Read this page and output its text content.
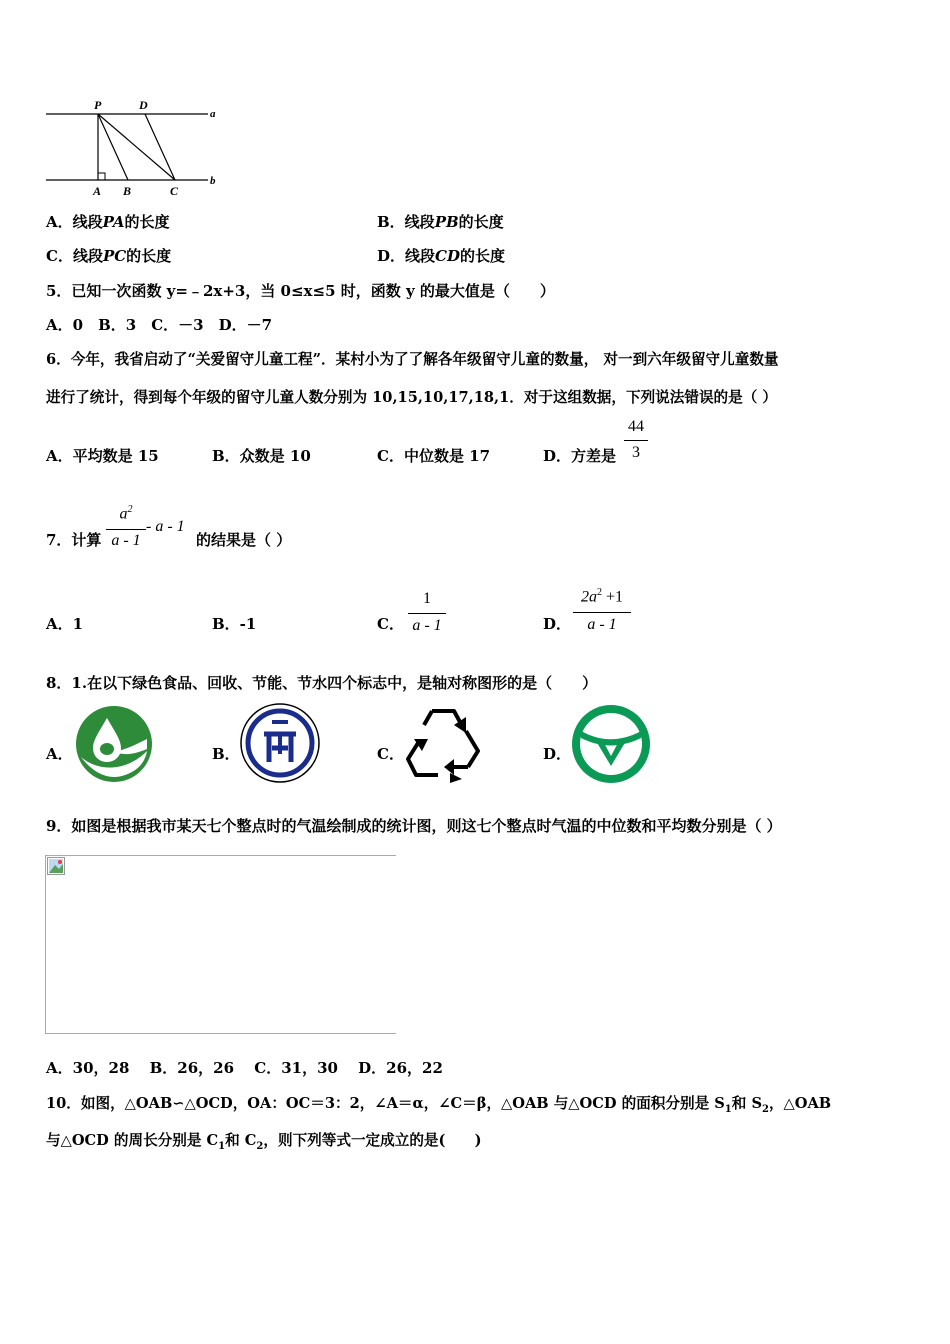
P	D
a
A B	C
b
A．线段PA的长度	B．线段PB的长度
C．线段PC的长度	D．线段CD的长度
5．已知一次函数 y=﹣2x+3，当 0≤x≤5 时，函数 y 的最大值是（　　）
A．0　B．3　C．－3　D．－7
6．今年，我省启动了“关爱留守儿童工程”．某村小为了了解各年级留守儿童的数量， 对一到六年级留守儿童数量
进行了统计，得到每个年级的留守儿童人数分别为 10,15,10,17,18,1．对于这组数据，下列说法错误的是（ ）
A．平均数是 15	B．众数是 10	C．中位数是 17	D．方差是
44
3
7．计算
$a^2$
a - 1
- a - 1
的结果是（ ）
A．1	B．-1	C．
1
a - 1	D．
$2a^2 +1$
a - 1
8．1.在以下绿色食品、回收、节能、节水四个标志中，是轴对称图形的是（　　）
A．	B．	C．	D．
9．如图是根据我市某天七个整点时的气温绘制成的统计图，则这七个整点时气温的中位数和平均数分别是（ ）
A．30，28　 B．26，26　 C．31，30　 D．26，22
10．如图，△OAB∽△OCD，OA：OC＝3：2，∠A＝α，∠C＝β，△OAB 与△OCD 的面积分别是 $S_1$和 $S_2$，△OAB
与△OCD 的周长分别是 $C_1$和 $C_2$，则下列等式一定成立的是(　　)
